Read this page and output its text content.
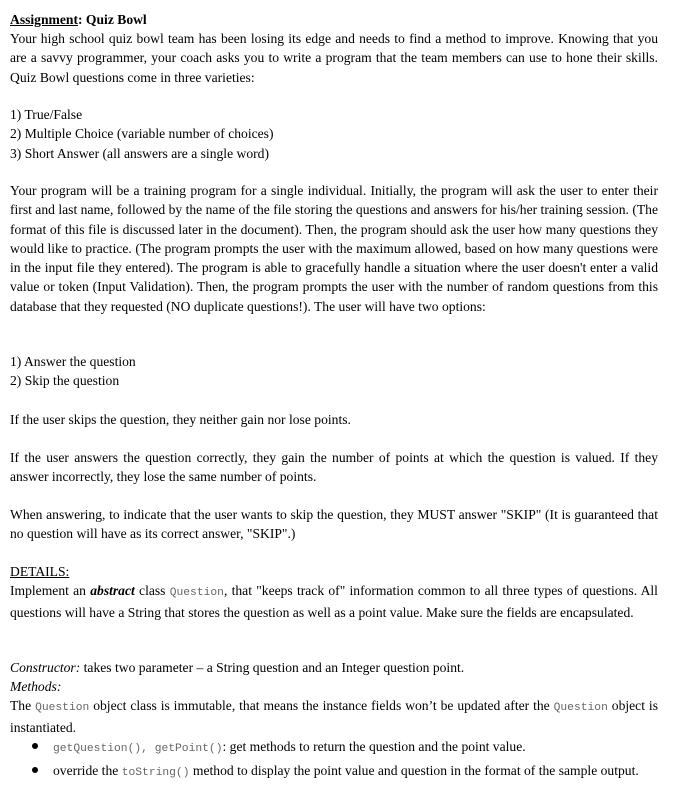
Assignment: Quiz Bowl

Your high school quiz bowl team has been losing its edge and needs to find a method to improve. Knowing that you are a savvy programmer, your coach asks you to write a program that the team members can use to hone their skills. Quiz Bowl questions come in three varieties:

1) True/False

2) Multiple Choice (variable number of choices)

3) Short Answer (all answers are a single word)

Your program will be a training program for a single individual. Initially, the program will ask the user to enter their first and last name, followed by the name of the file storing the questions and answers for his/her training session. (The format of this file is discussed later in the document). Then, the program should ask the user how many questions they would like to practice. (The program prompts the user with the maximum allowed, based on how many questions were in the input file they entered). The program is able to gracefully handle a situation where the user doesn't enter a valid value or token (Input Validation). Then, the program prompts the user with the number of random questions from this database that they requested (NO duplicate questions!). The user will have two options:

1) Answer the question

2) Skip the question

If the user skips the question, they neither gain nor lose points.

If the user answers the question correctly, they gain the number of points at which the question is valued. If they answer incorrectly, they lose the same number of points.

When answering, to indicate that the user wants to skip the question, they MUST answer "SKIP" (It is guaranteed that no question will have as its correct answer, "SKIP".)

DETAILS:

Implement an abstract class Question, that "keeps track of" information common to all three types of questions. All questions will have a String that stores the question as well as a point value. Make sure the fields are encapsulated.

Constructor: takes two parameter – a String question and an Integer question point.

Methods:

The Question object class is immutable, that means the instance fields won’t be updated after the Question object is instantiated.

getQuestion(), getPoint(): get methods to return the question and the point value.
override the toString() method to display the point value and question in the format of the sample output.
